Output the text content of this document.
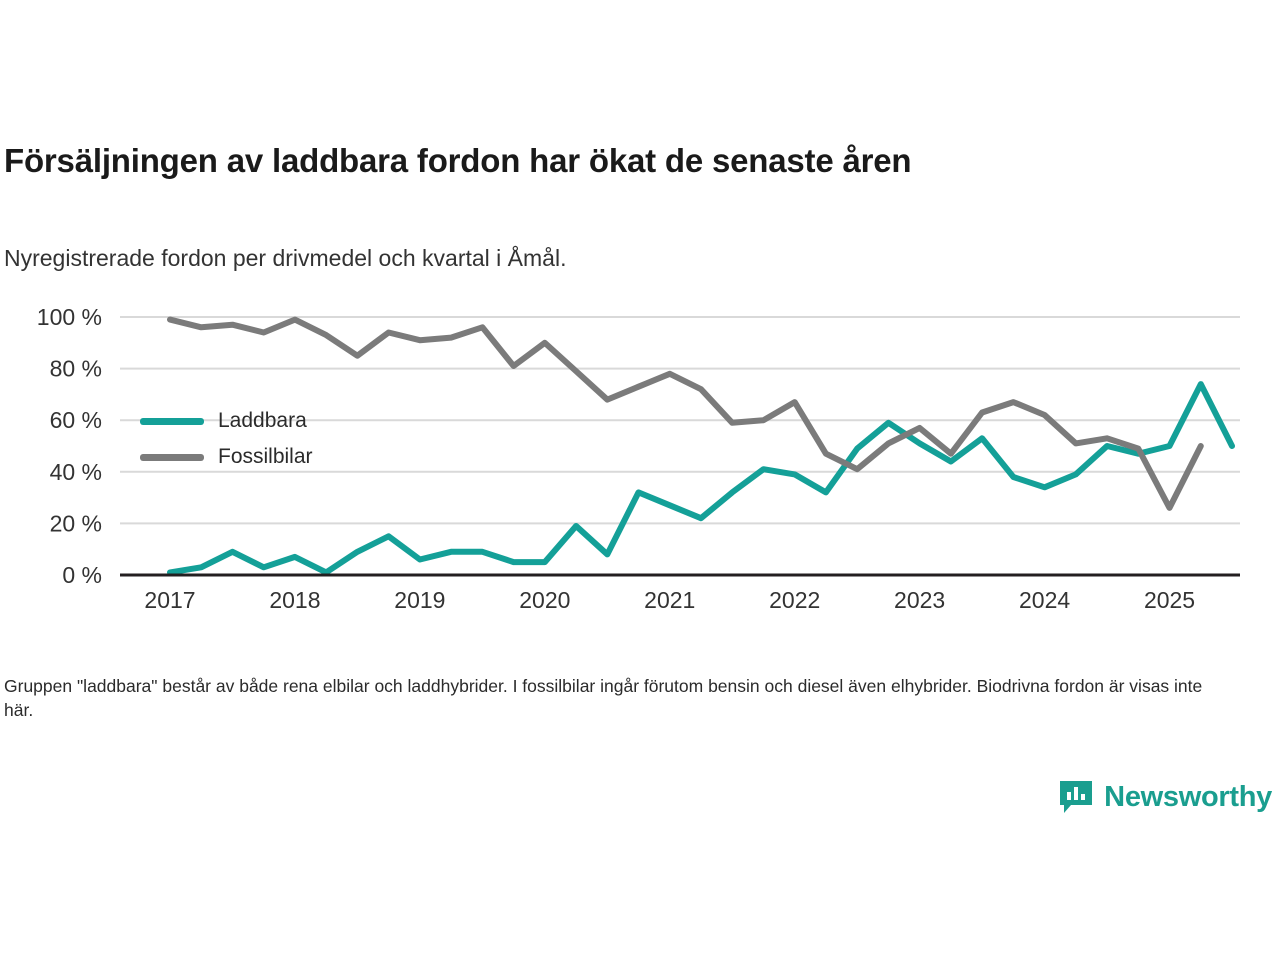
Försäljningen av laddbara fordon har ökat de senaste åren
Nyregistrerade fordon per drivmedel och kvartal i Åmål.
0 %
20 %
40 %
60 %
80 %
100 %
2017	2018	2019	2020	2021	2022	2023	2024	2025
Laddbara
Fossilbilar
Gruppen "laddbara" består av både rena elbilar och laddhybrider. I fossilbilar ingår förutom bensin och diesel även elhybrider. Biodrivna fordon är visas inte här.
Newsworthy
